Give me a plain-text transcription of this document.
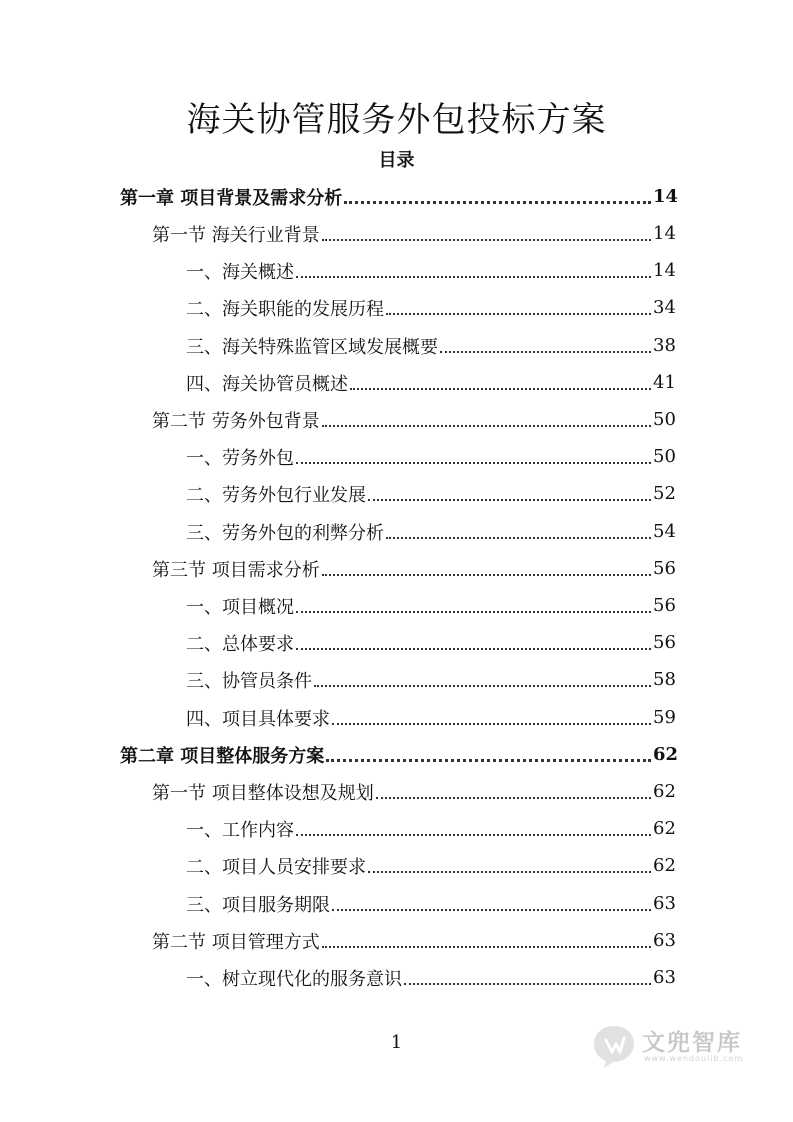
海关协管服务外包投标方案
目录
第一章 项目背景及需求分析	14
第一节 海关行业背景	14
一、海关概述	14
二、海关职能的发展历程	34
三、海关特殊监管区域发展概要	38
四、海关协管员概述	41
第二节 劳务外包背景	50
一、劳务外包	50
二、劳务外包行业发展	52
三、劳务外包的利弊分析	54
第三节 项目需求分析	56
一、项目概况	56
二、总体要求	56
三、协管员条件	58
四、项目具体要求	59
第二章 项目整体服务方案	62
第一节 项目整体设想及规划	62
一、工作内容	62
二、项目人员安排要求	62
三、项目服务期限	63
第二节 项目管理方式	63
一、树立现代化的服务意识	63
1	文兜智库
www.wendoulib.com
